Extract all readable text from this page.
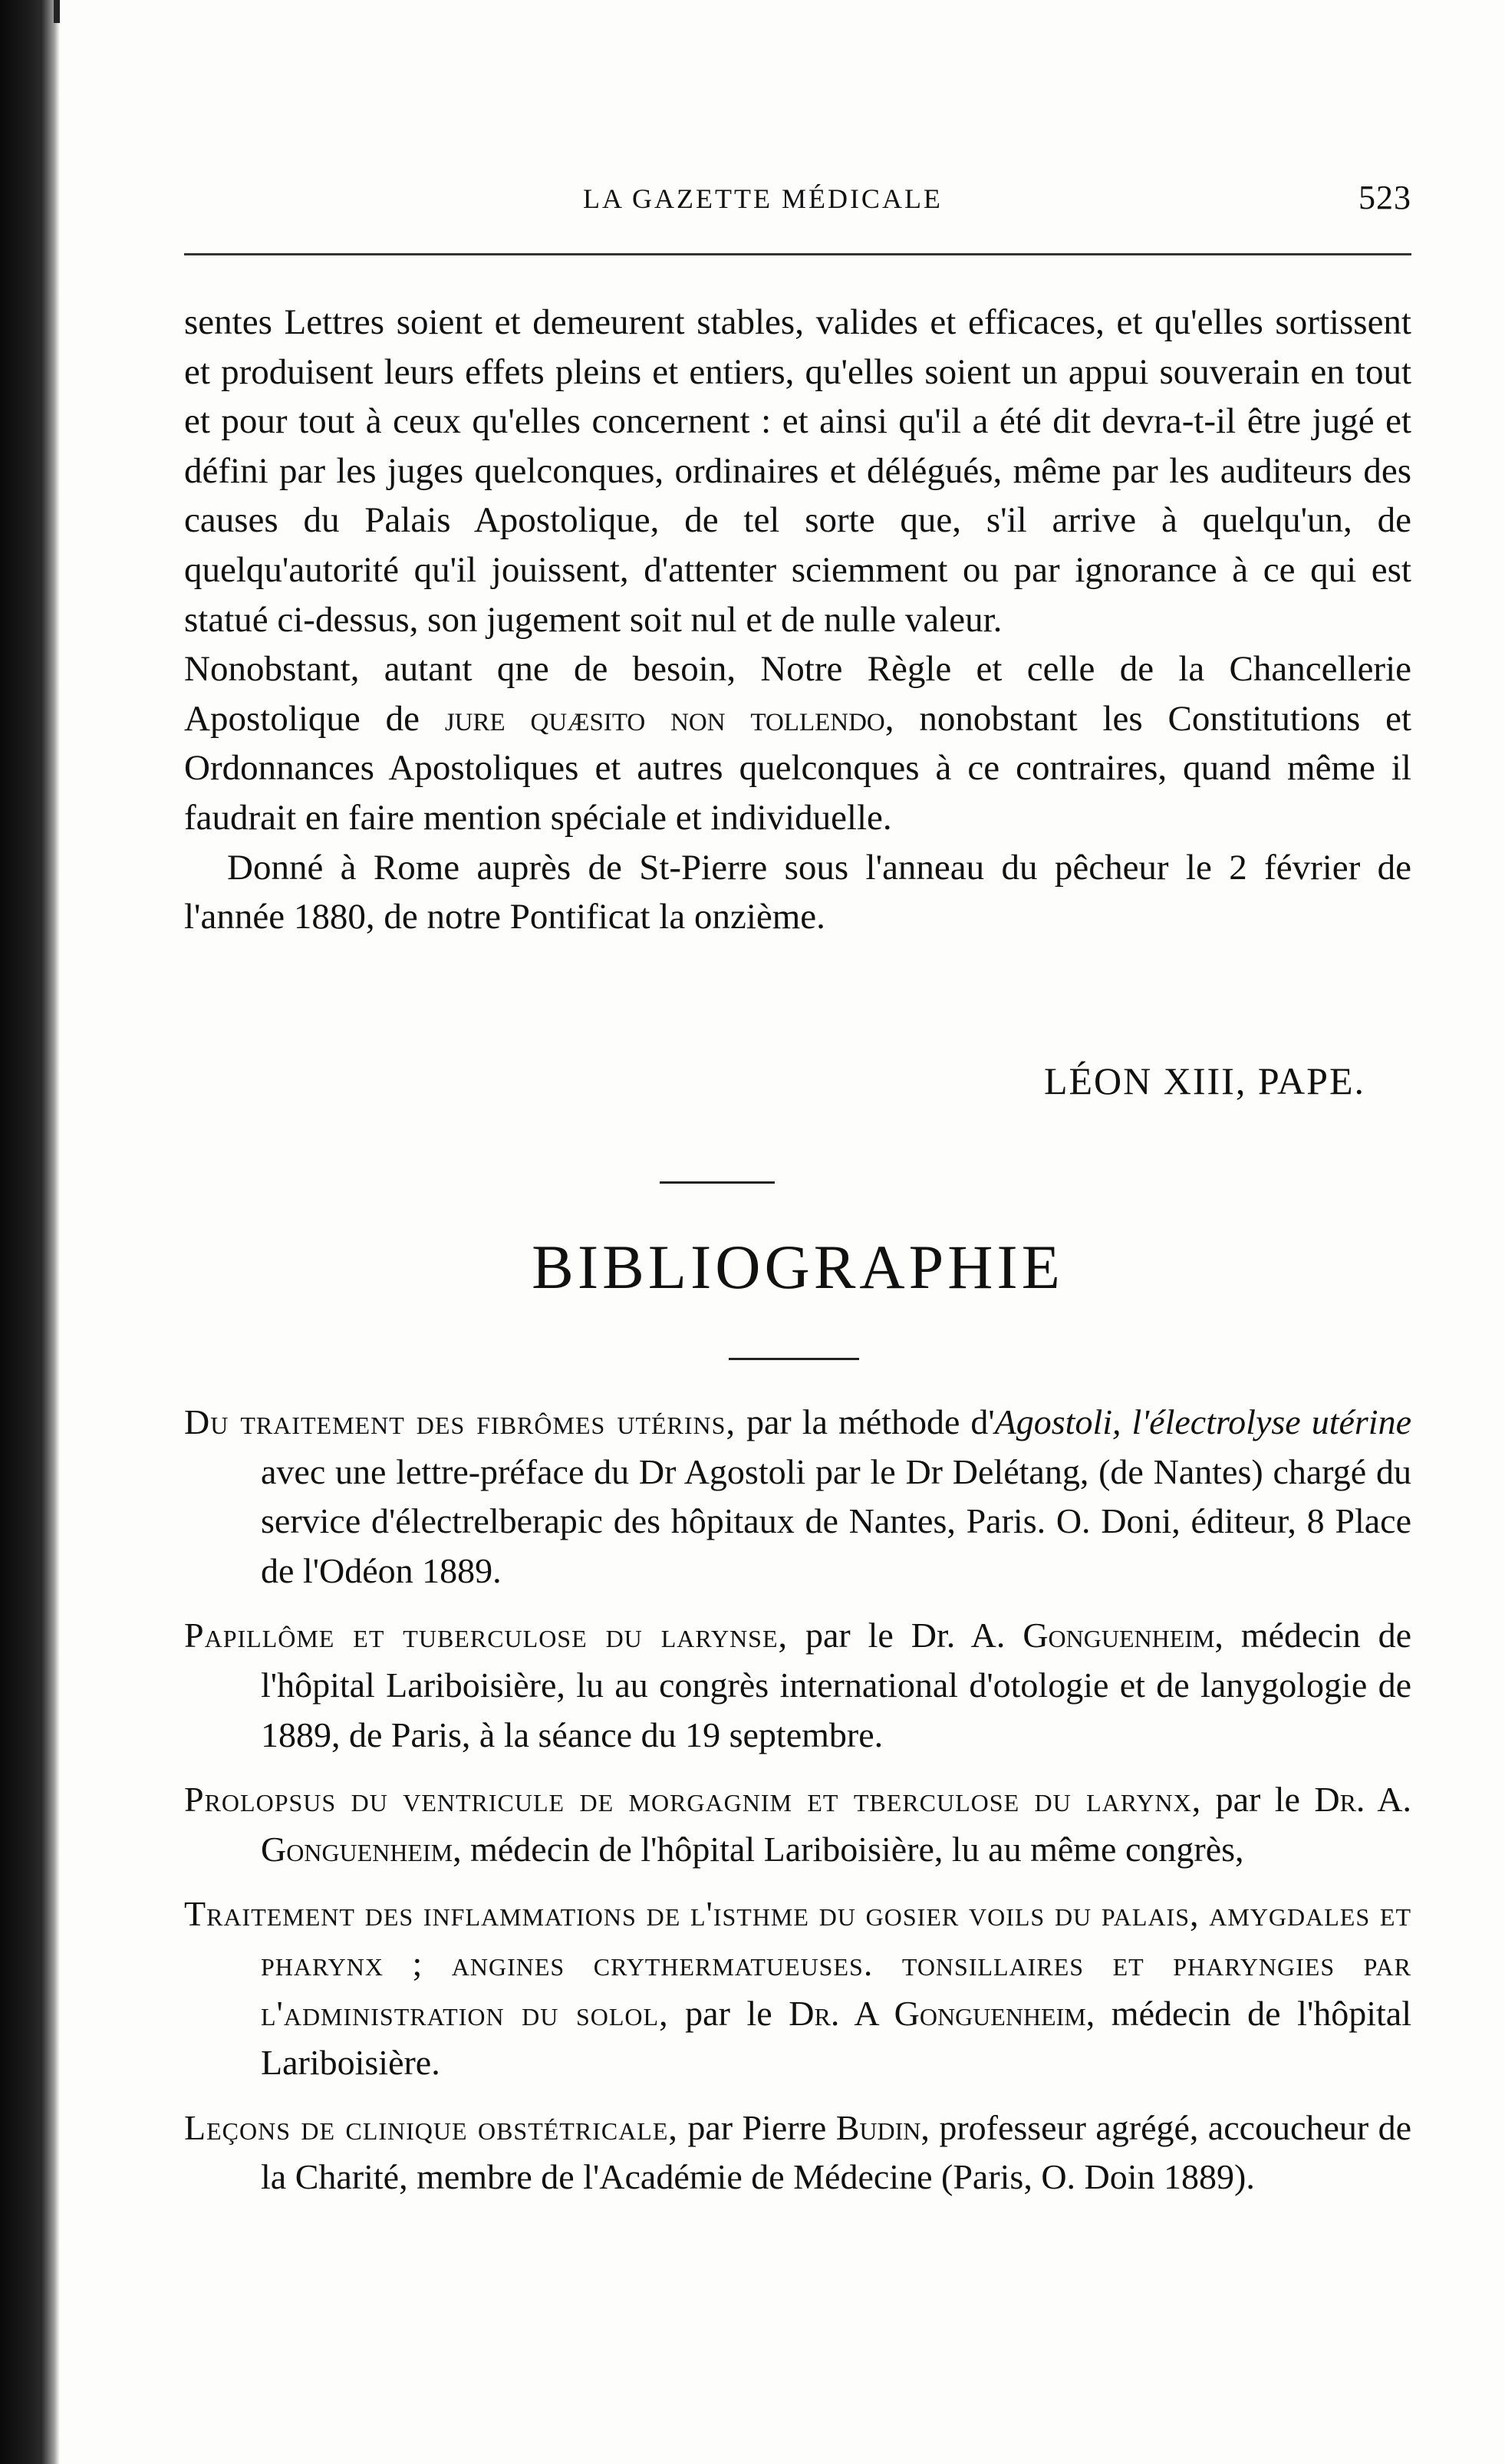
LA GAZETTE MÉDICALE	523

sentes Lettres soient et demeurent stables, valides et efficaces, et qu'elles sortissent et produisent leurs effets pleins et entiers, qu'elles soient un appui souverain en tout et pour tout à ceux qu'elles concernent : et ainsi qu'il a été dit devra-t-il être jugé et défini par les juges quelconques, ordinaires et délégués, même par les auditeurs des causes du Palais Apostolique, de tel sorte que, s'il arrive à quelqu'un, de quelqu'autorité qu'il jouissent, d'attenter sciemment ou par ignorance à ce qui est statué ci-dessus, son jugement soit nul et de nulle valeur.

Nonobstant, autant qne de besoin, Notre Règle et celle de la Chancellerie Apostolique de jure quæsito non tollendo, nonobstant les Constitutions et Ordonnances Apostoliques et autres quelconques à ce contraires, quand même il faudrait en faire mention spéciale et individuelle.

Donné à Rome auprès de St-Pierre sous l'anneau du pêcheur le 2 février de l'année 1880, de notre Pontificat la onzième.

LÉON XIII, PAPE.
BIBLIOGRAPHIE

Du traitement des fibrômes utérins, par la méthode d'Agostoli, l'électrolyse utérine avec une lettre-préface du Dr Agostoli par le Dr Delétang, (de Nantes) chargé du service d'électrelberapic des hôpitaux de Nantes, Paris. O. Doni, éditeur, 8 Place de l'Odéon 1889.

Papillôme et tuberculose du larynse, par le Dr. A. Gonguenheim, médecin de l'hôpital Lariboisière, lu au congrès international d'otologie et de lanygologie de 1889, de Paris, à la séance du 19 septembre.

Prolopsus du ventricule de morgagnim et tberculose du larynx, par le Dr. A. Gonguenheim, médecin de l'hôpital Lariboisière, lu au même congrès,

Traitement des inflammations de l'isthme du gosier voils du palais, amygdales et pharynx ; angines crythermatueuses. tonsillaires et pharyngies par l'administration du solol, par le Dr. A Gonguenheim, médecin de l'hôpital Lariboisière.

Leçons de clinique obstétricale, par Pierre Budin, professeur agrégé, accoucheur de la Charité, membre de l'Académie de Médecine (Paris, O. Doin 1889).
